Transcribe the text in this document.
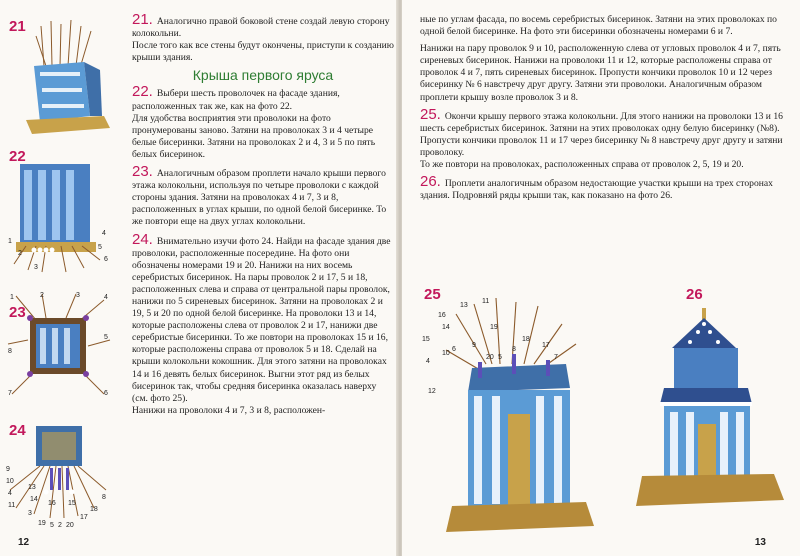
21
22
1
2
3
4
5
6
23
1	2	3	4
5
6
7
8
24
9
10
4
11
13
14
3
16 15
19 5 2 20
17
18
8

21. Аналогично правой боковой стене создай левую сторону колокольни.

После того как все стены будут окончены, приступи к созданию крыши здания.

Крыша первого яруса

22. Выбери шесть проволочек на фасаде здания, расположенных так же, как на фото 22.

Для удобства восприятия эти проволоки на фото пронумерованы заново. Затяни на проволоках 3 и 4 четыре белые бисеринки. Затяни на проволоках 2 и 4, 3 и 5 по пять белых бисеринок.

23. Аналогичным образом проплети начало крыши первого этажа колокольни, используя по четыре проволоки с каждой стороны здания. Затяни на проволоках 4 и 7, 3 и 8, расположенных в углах крыши, по одной белой бисеринке. То же повтори еще на двух углах колокольни.

24. Внимательно изучи фото 24. Найди на фасаде здания две проволоки, расположенные посередине. На фото они обозначены номерами 19 и 20. Нанижи на них восемь серебристых бисеринок. На пары проволок 2 и 17, 5 и 18, расположенных слева и справа от центральной пары проволок, нанижи по 5 сиреневых бисеринок. Затяни на проволоках 2 и 19, 5 и 20 по одной белой бисеринке. На проволоки 13 и 14, которые расположены слева от проволок 2 и 17, нанижи две серебристые бисеринки. То же повтори на проволоках 15 и 16, которые расположены справа от проволок 5 и 18. Сделай на крыши колокольни кокошник. Для этого затяни на проволоках 14 и 16 девять белых бисеринок. Выгни этот ряд из белых бисеринок так, чтобы средняя бисеринка оказалась наверху (см. фото 25).

Нанижи на проволоки 4 и 7, 3 и 8, расположен-

12

ные по углам фасада, по восемь серебристых бисеринок. Затяни на этих проволоках по одной белой бисеринке. На фото эти бисеринки обозначены номерами 6 и 7.

Нанижи на пару проволок 9 и 10, расположенную слева от угловых проволок 4 и 7, пять сиреневых бисеринок. Нанижи на проволоки 11 и 12, которые расположены справа от проволок 4 и 7, пять сиреневых бисеринок. Пропусти кончики проволок 10 и 12 через бисеринку № 6 навстречу друг другу. Затяни эти проволоки. Аналогичным образом проплети крышу возле проволок 3 и 8.

25. Окончи крышу первого этажа колокольни. Для этого нанижи на проволоки 13 и 16 шесть серебристых бисеринок. Затяни на этих проволоках одну белую бисеринку (№8). Пропусти кончики проволок 11 и 17 через бисеринку № 8 навстречу друг другу и затяни проволоку.

То же повтори на проволоках, расположенных справа от проволок 2, 5, 19 и 20.

26. Проплети аналогичным образом недостающие участки крыши на трех сторонах здания. Подровняй ряды крыши так, как показано на фото 26.

25
13
11
16
14	19
15
9
8
18
17
6
10
20 5
4
7
12
26
13
